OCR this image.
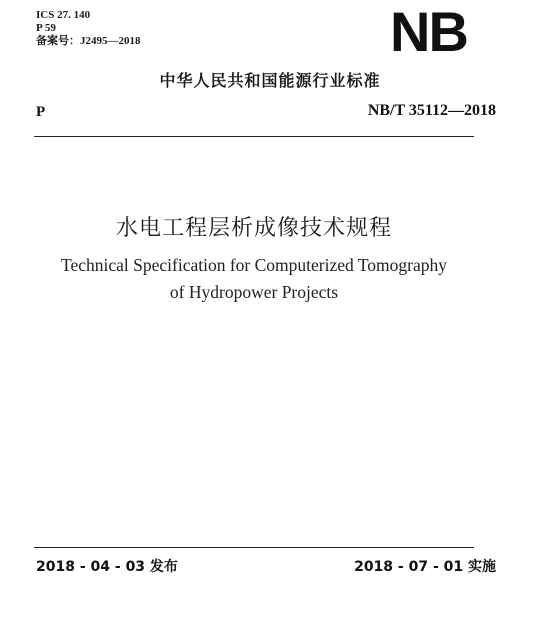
ICS 27. 140
P 59
备案号：J2495—2018	NB
中华人民共和国能源行业标准
P	NB/T 35112—2018
水电工程层析成像技术规程
Technical Specification for Computerized Tomography
of Hydropower Projects
2018 - 04 - 03 发布	2018 - 07 - 01 实施
